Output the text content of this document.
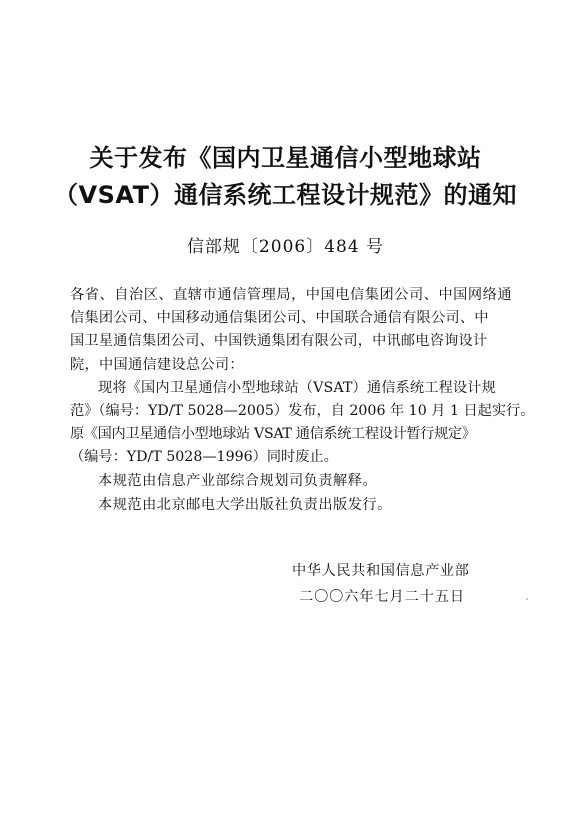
关于发布《国内卫星通信小型地球站
（VSAT）通信系统工程设计规范》的通知
信部规〔2006〕484 号
各省、自治区、直辖市通信管理局，中国电信集团公司、中国网络通
信集团公司、中国移动通信集团公司、中国联合通信有限公司、中
国卫星通信集团公司、中国铁通集团有限公司，中讯邮电咨询设计
院，中国通信建设总公司：
现将《国内卫星通信小型地球站（VSAT）通信系统工程设计规
范》（编号：YD/T 5028—2005）发布，自 2006 年 10 月 1 日起实行。
原《国内卫星通信小型地球站 VSAT 通信系统工程设计暂行规定》
（编号：YD/T 5028—1996）同时废止。
本规范由信息产业部综合规划司负责解释。
本规范由北京邮电大学出版社负责出版发行。
中华人民共和国信息产业部
二〇〇六年七月二十五日
